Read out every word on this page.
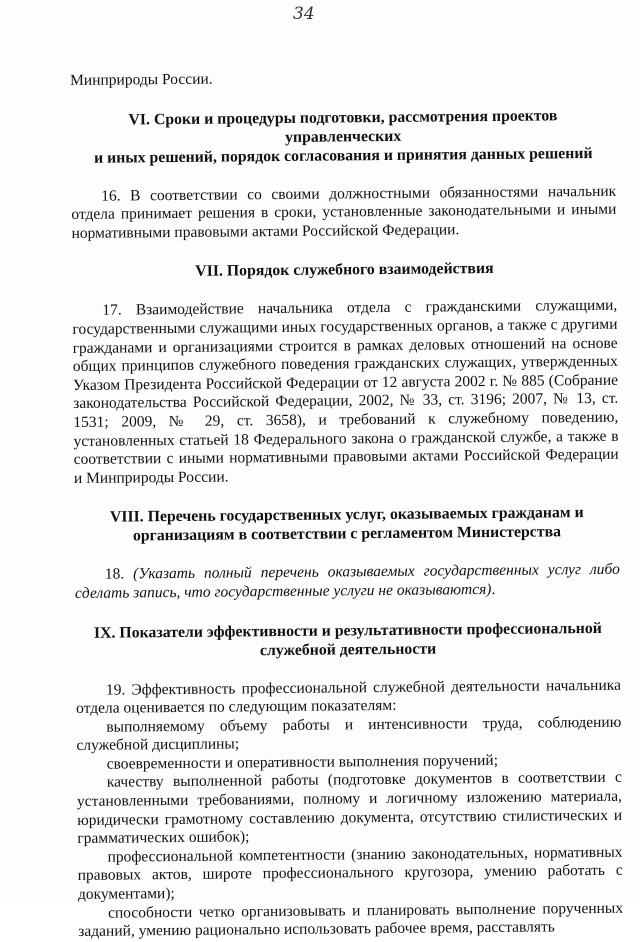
34

Минприроды России.

VI. Сроки и процедуры подготовки, рассмотрения проектов управленческих
и иных решений, порядок согласования и принятия данных решений

16. В соответствии со своими должностными обязанностями начальник отдела принимает решения в сроки, установленные законодательными и иными нормативными правовыми актами Российской Федерации.

VII. Порядок служебного взаимодействия

17. Взаимодействие начальника отдела с гражданскими служащими, государственными служащими иных государственных органов, а также с другими гражданами и организациями строится в рамках деловых отношений на основе общих принципов служебного поведения гражданских служащих, утвержденных Указом Президента Российской Федерации от 12 августа 2002 г. № 885 (Собрание законодательства Российской Федерации, 2002, № 33, ст. 3196; 2007, № 13, ст. 1531; 2009, № 29, ст. 3658), и требований к служебному поведению, установленных статьей 18 Федерального закона о гражданской службе, а также в соответствии с иными нормативными правовыми актами Российской Федерации и Минприроды России.

VIII. Перечень государственных услуг, оказываемых гражданам и
организациям в соответствии с регламентом Министерства

18. (Указать полный перечень оказываемых государственных услуг либо сделать запись, что государственные услуги не оказываются).

IX. Показатели эффективности и результативности профессиональной
служебной деятельности

19. Эффективность профессиональной служебной деятельности начальника отдела оценивается по следующим показателям:

выполняемому объему работы и интенсивности труда, соблюдению служебной дисциплины;

своевременности и оперативности выполнения поручений;

качеству выполненной работы (подготовке документов в соответствии с установленными требованиями, полному и логичному изложению материала, юридически грамотному составлению документа, отсутствию стилистических и грамматических ошибок);

профессиональной компетентности (знанию законодательных, нормативных правовых актов, широте профессионального кругозора, умению работать с документами);

способности четко организовывать и планировать выполнение порученных заданий, умению рационально использовать рабочее время, расставлять
